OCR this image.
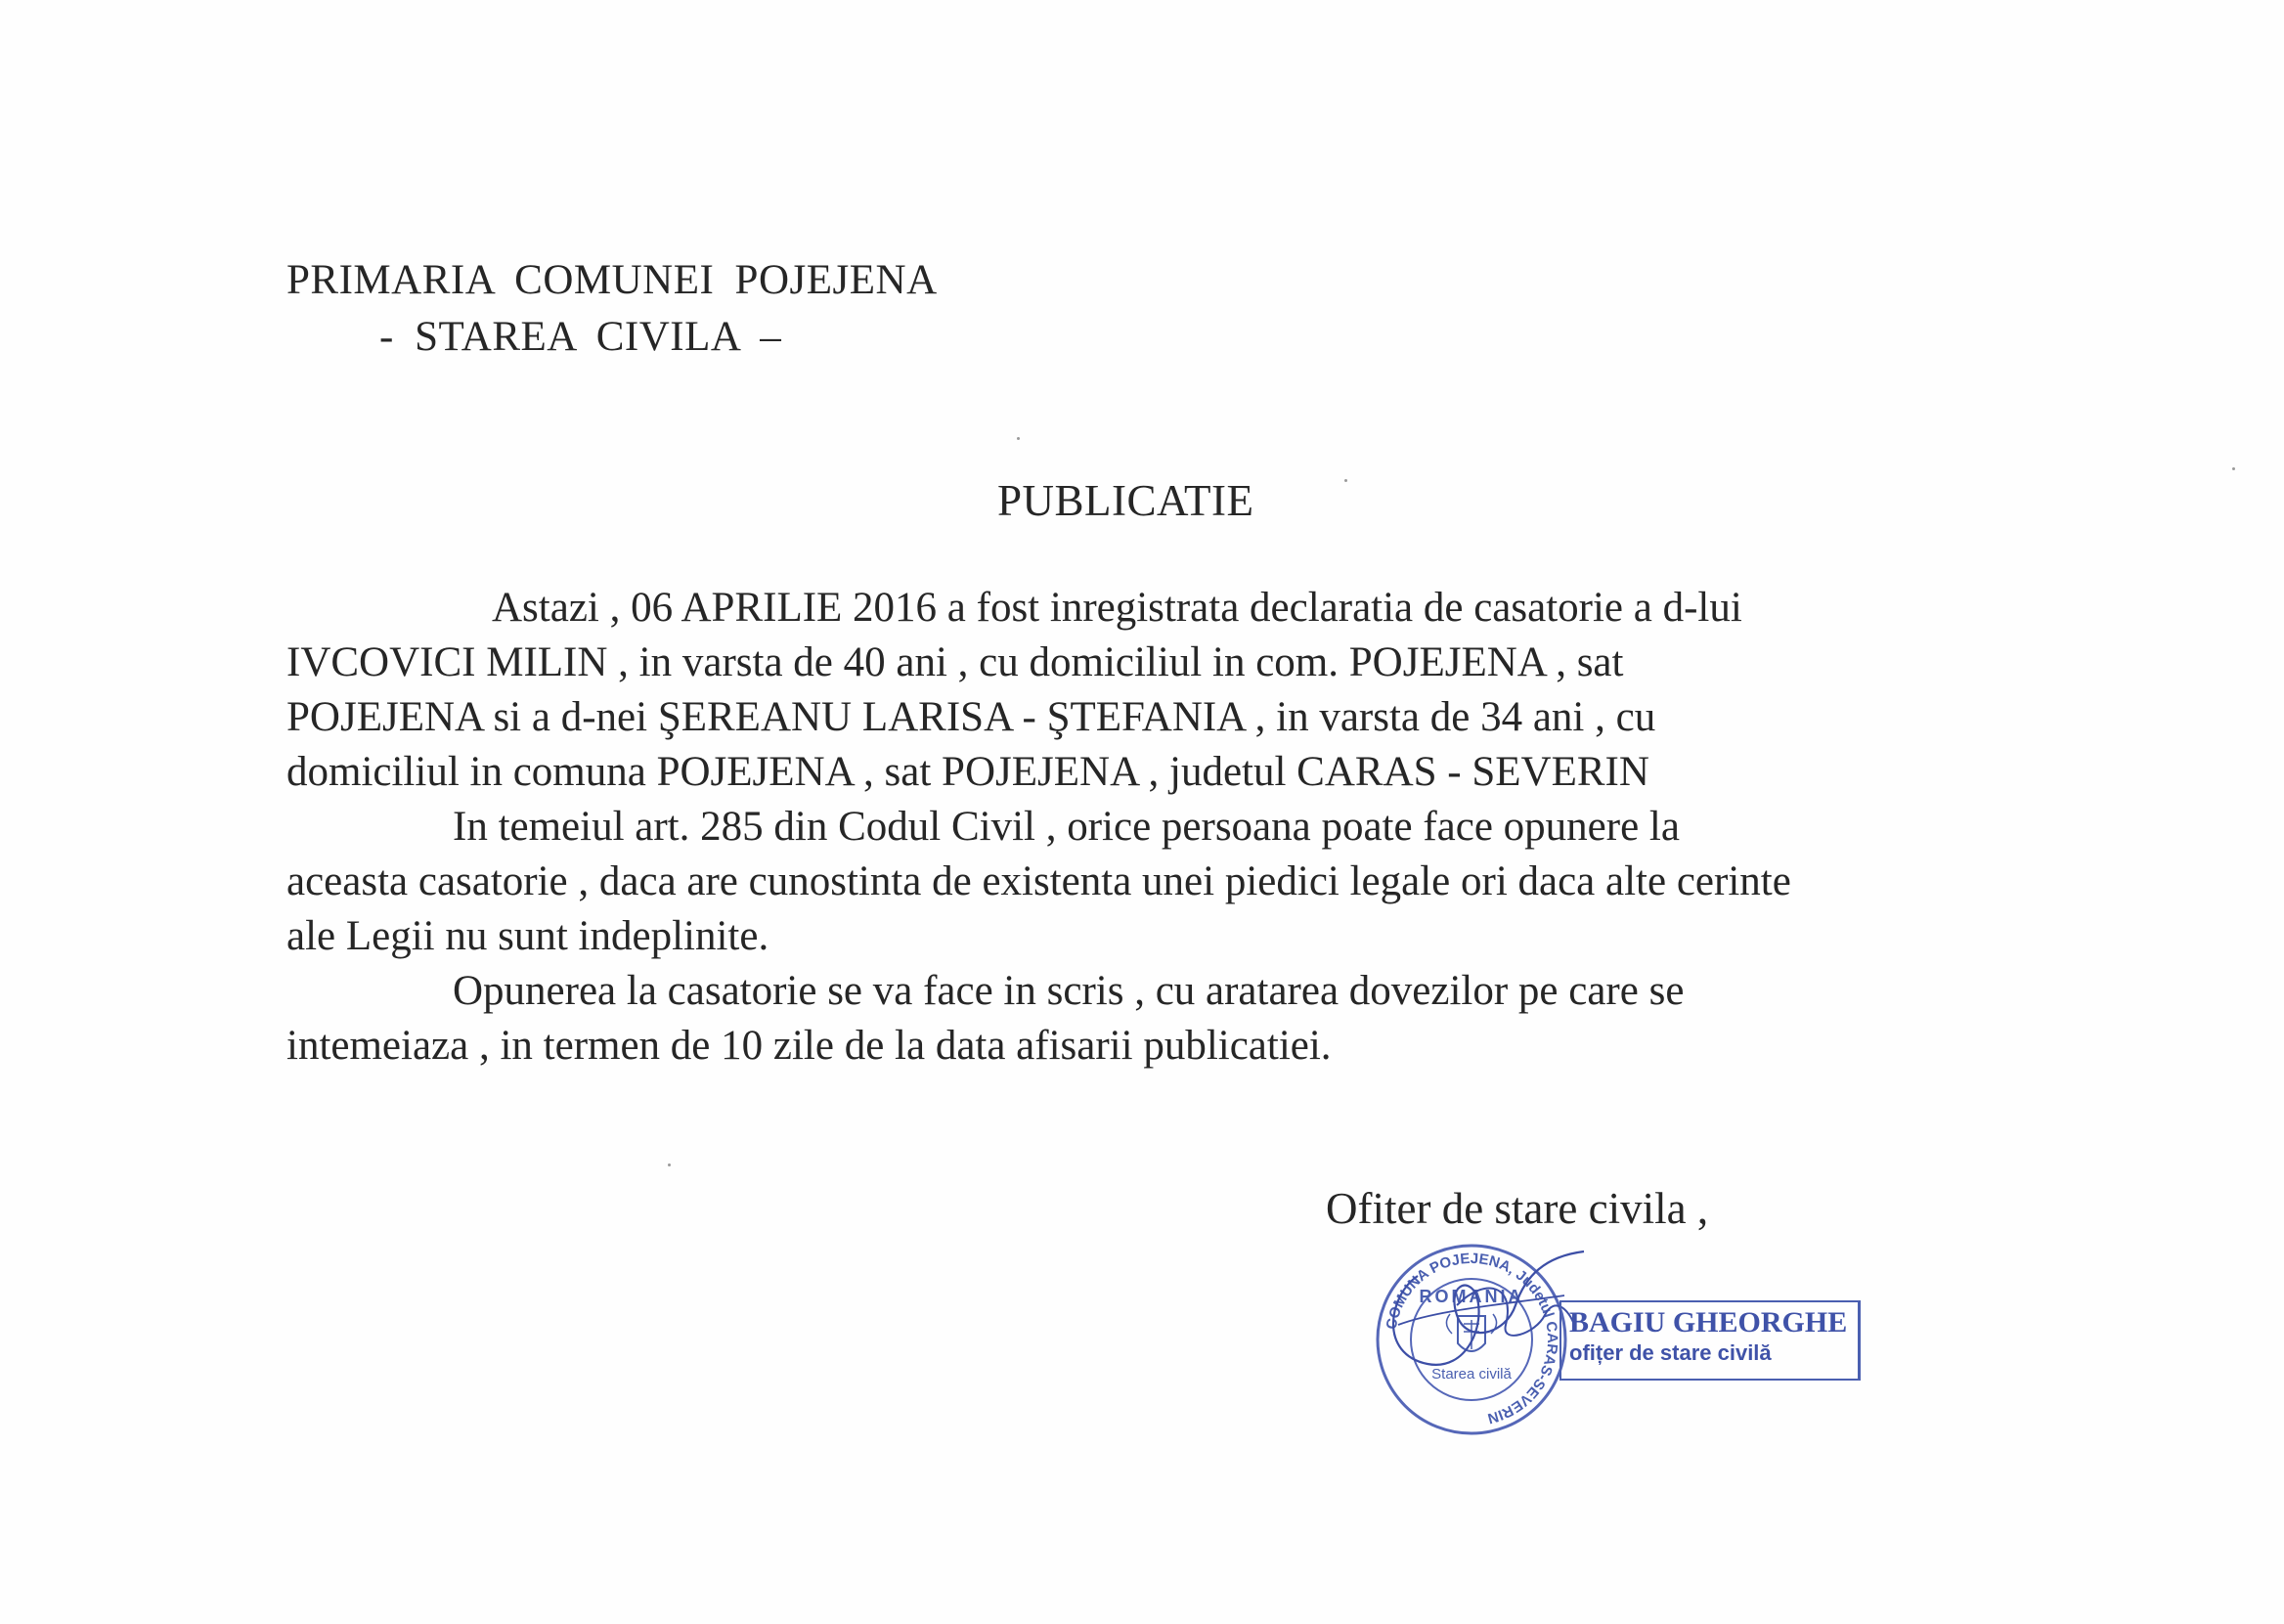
PRIMARIA COMUNEI POJEJENA
- STAREA CIVILA –
PUBLICATIE

Astazi , 06 APRILIE 2016 a fost inregistrata declaratia de casatorie a d-lui

IVCOVICI MILIN , in varsta de 40 ani , cu domiciliul in com. POJEJENA , sat

POJEJENA si a d-nei ŞEREANU LARISA - ŞTEFANIA , in varsta de 34 ani , cu

domiciliul in comuna POJEJENA , sat POJEJENA , judetul CARAS - SEVERIN

In temeiul art. 285 din Codul Civil , orice persoana poate face opunere la

aceasta casatorie , daca are cunostinta de existenta unei piedici legale ori daca alte cerinte

ale Legii nu sunt indeplinite.

Opunerea la casatorie se va face in scris , cu aratarea dovezilor pe care se

intemeiaza , in termen de 10 zile de la data afisarii publicatiei.

Ofiter de stare civila ,
COMUNA POJEJENA, Judetul CARAS-SEVERIN
ROMANIA
Starea civilă
BAGIU GHEORGHE
ofițer de stare civilă
